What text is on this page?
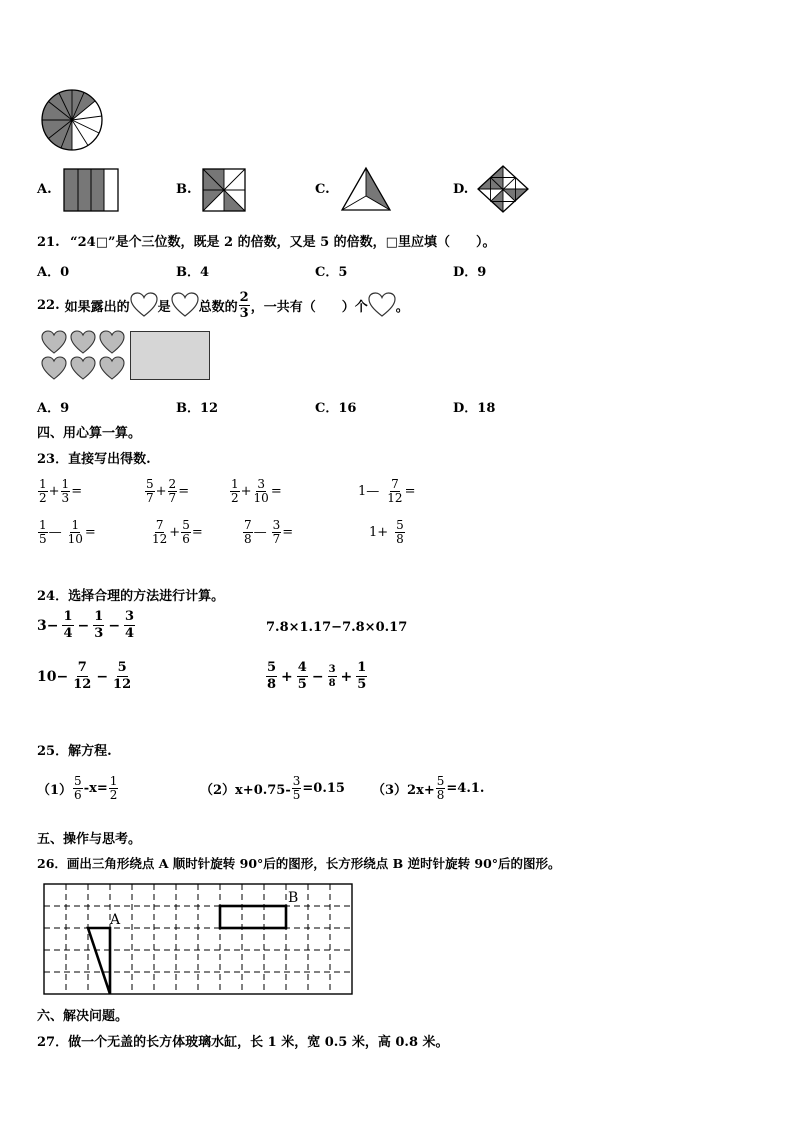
A.	B.	C.	D.
21. “24□”是个三位数，既是 2 的倍数，又是 5 的倍数，□里应填（　　）。
A．0	B．4	C．5	D．9
22. 如果露出的 是 总数的 $\frac{2}{3}$ ，一共有（　　）个 。
A．9	B．12	C．16	D．18
四、用心算一算。
23．直接写出得数.
$\frac{1}{2} + \frac{1}{3}$ =	$\frac{5}{7} + \frac{2}{7}$ =	$\frac{1}{2} + \frac{3}{10}$ =	1— $\frac{7}{12}$ =
$\frac{1}{5}$ — $\frac{1}{10}$ =	$\frac{7}{12} + \frac{5}{6}$ =	$\frac{7}{8}$ — $\frac{3}{7}$ =	$1+ \frac{5}{8}$
24．选择合理的方法进行计算。
$3- \frac{1}{4} - \frac{1}{3} - \frac{3}{4}$	7.8×1.17−7.8×0.17
$10- \frac{7}{12} - \frac{5}{12}$	$\frac{5}{8} + \frac{4}{5} - \frac{3}{8} + \frac{1}{5}$
25．解方程.
$(1) \frac{5}{6} -x= \frac{1}{2}$	$(2)x+0.75- \frac{3}{5} =0.15$ $(3)2x+ \frac{5}{8} =4.1$.
五、操作与思考。
26．画出三角形绕点 A 顺时针旋转 90°后的图形，长方形绕点 B 逆时针旋转 90°后的图形。
A
B
六、解决问题。
27．做一个无盖的长方体玻璃水缸，长 1 米，宽 0.5 米，高 0.8 米。
